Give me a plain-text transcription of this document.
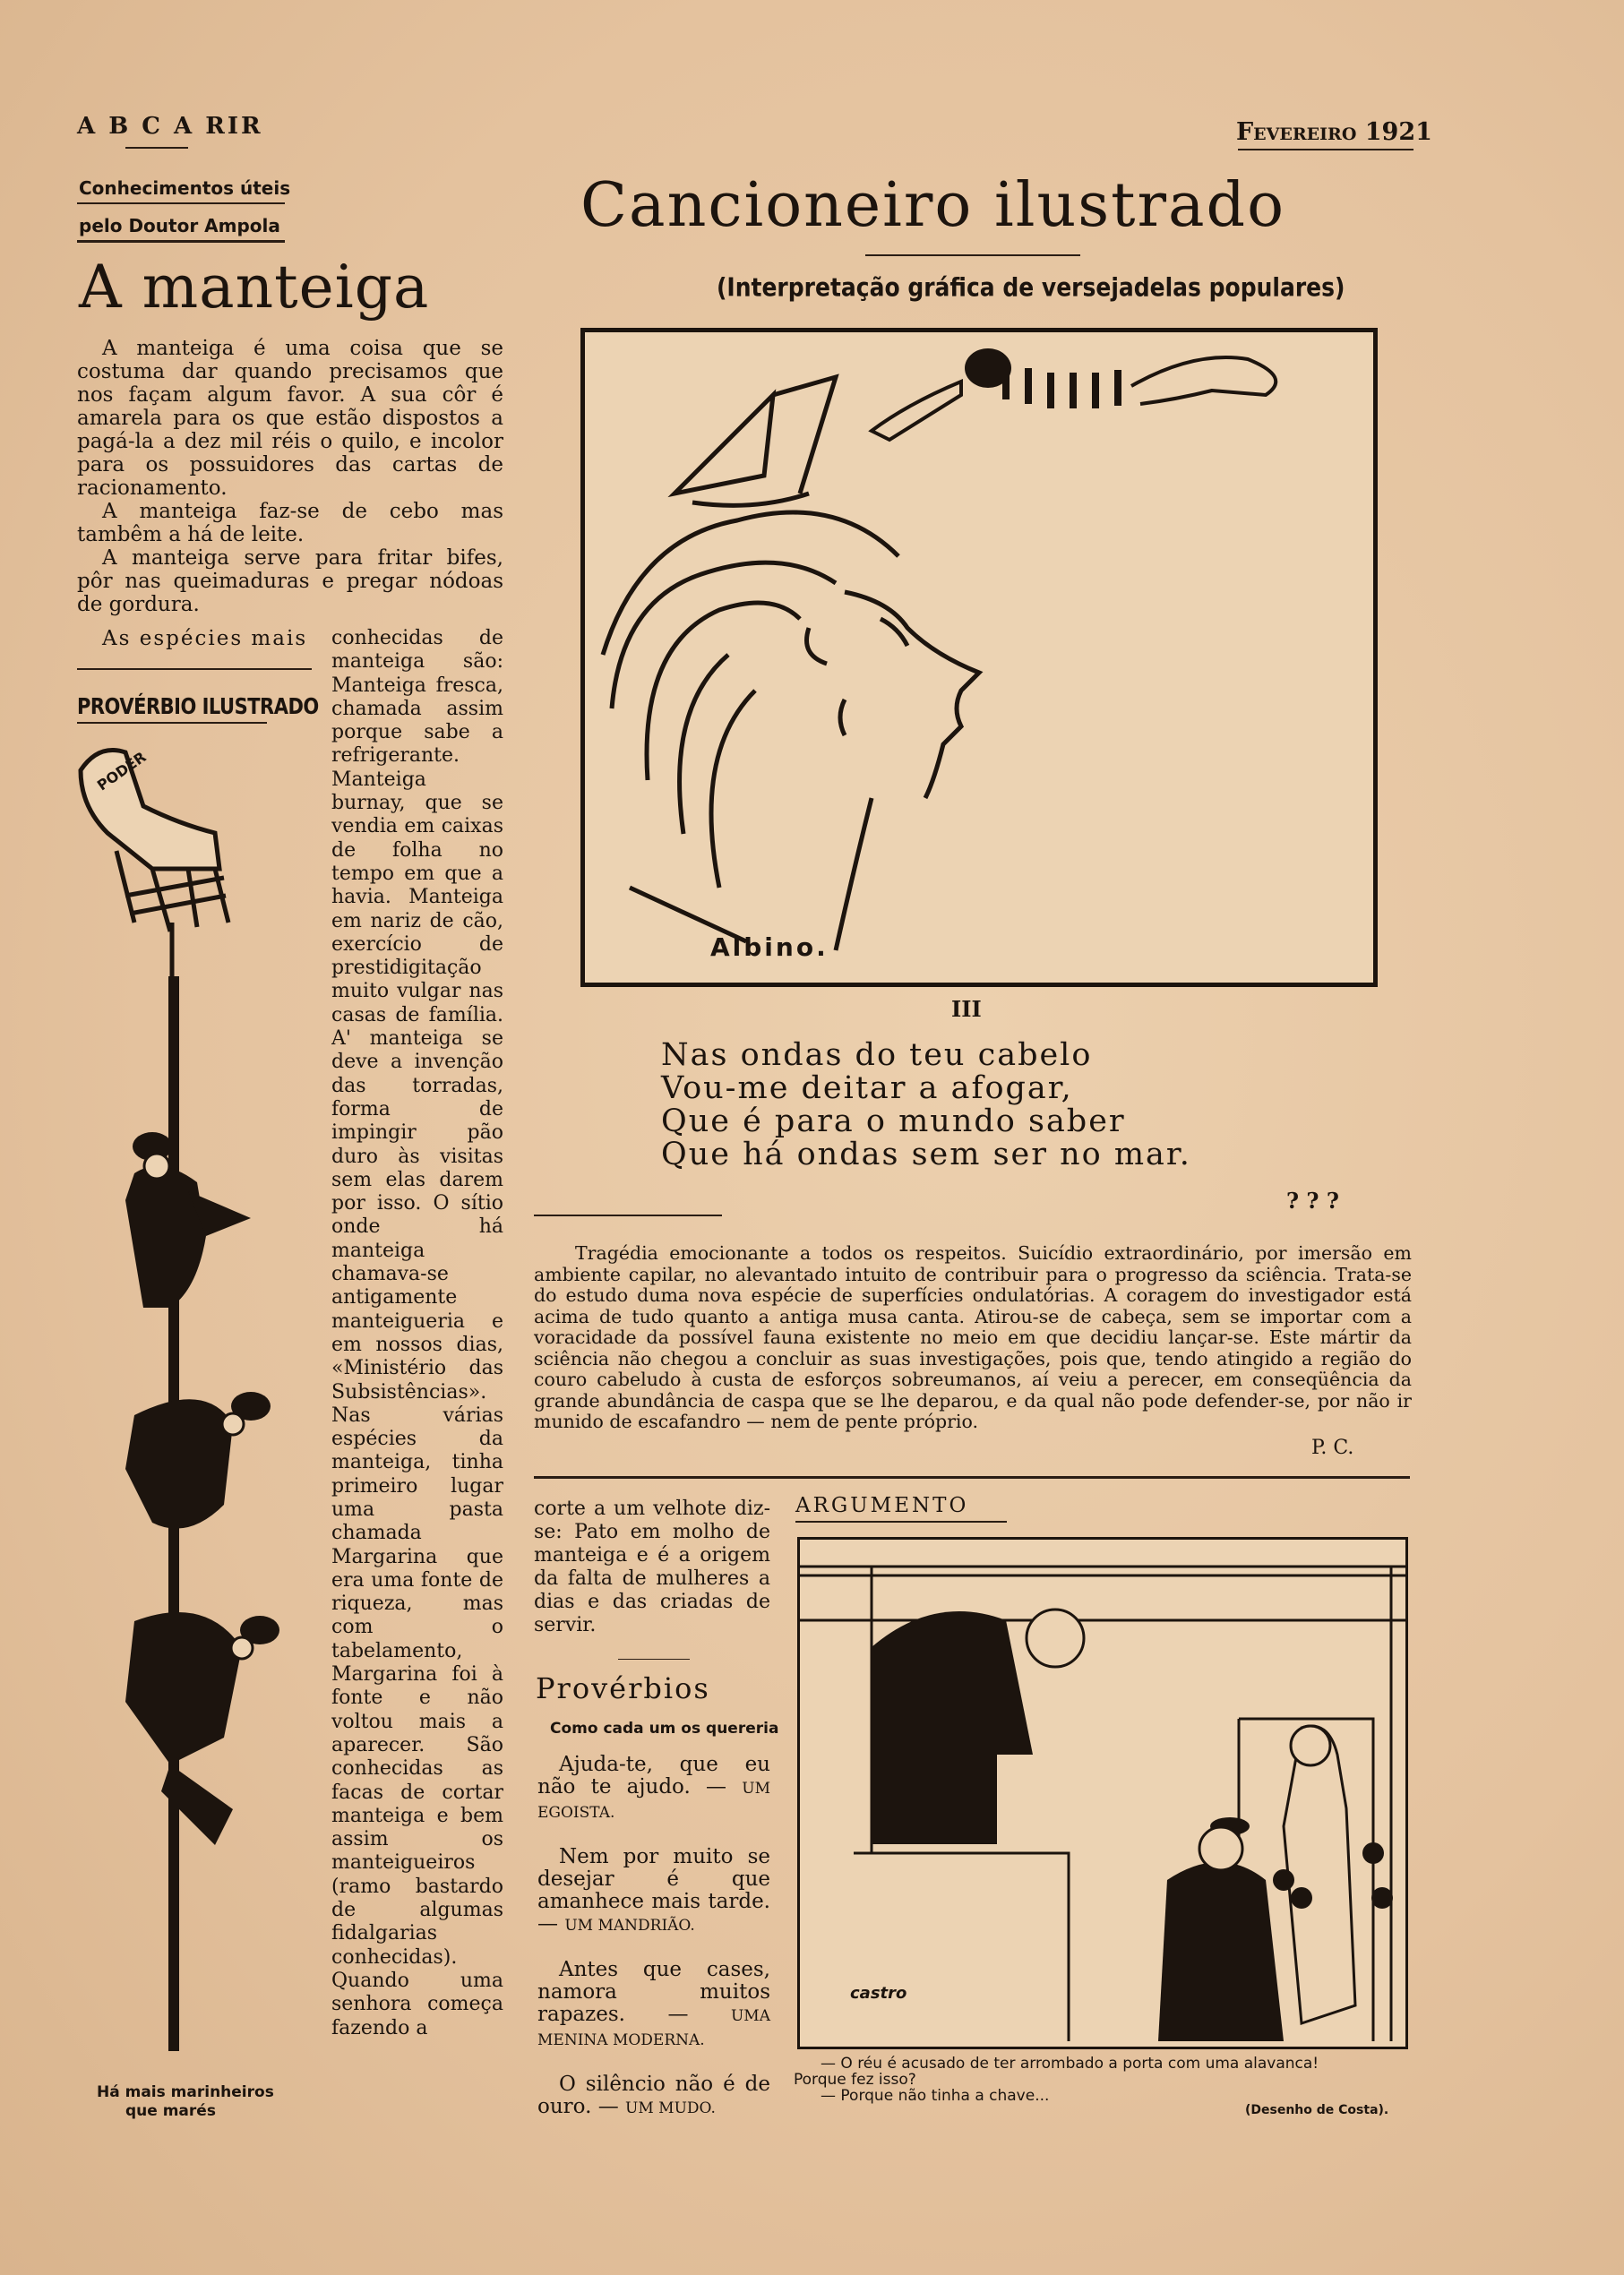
A B C A RIR	Fevereiro 1921
Conhecimentos úteis
pelo Doutor Ampola
A manteiga

A manteiga é uma coisa que se costuma dar quando precisamos que nos façam algum favor. A sua côr é amarela para os que estão dispostos a pagá-la a dez mil réis o quilo, e incolor para os possuidores das cartas de racionamento.

A manteiga faz-se de cebo mas tambêm a há de leite.

A manteiga serve para fritar bifes, pôr nas queimaduras e pregar nódoas de gordura.

As espécies mais
PROVÉRBIO ILUSTRADO
PODER
Há mais marinheiros
que marés
conhecidas de manteiga são: Manteiga fresca, chamada assim porque sabe a refrigerante. Manteiga burnay, que se vendia em caixas de folha no tempo em que a havia. Manteiga em nariz de cão, exercício de prestidigitação muito vulgar nas casas de família. A' manteiga se deve a invenção das torradas, forma de impingir pão duro às visitas sem elas darem por isso. O sítio onde há manteiga chamava-se antigamente manteigueria e em nossos dias, «Ministério das Subsistências». Nas várias espécies da manteiga, tinha primeiro lugar uma pasta chamada Margarina que era uma fonte de riqueza, mas com o tabelamento, Margarina foi à fonte e não voltou mais a aparecer. São conhecidas as facas de cortar manteiga e bem assim os manteigueiros (ramo bastardo de algumas fidalgarias conhecidas). Quando uma senhora começa fazendo a
Cancioneiro ilustrado
(Interpretação gráfica de versejadelas populares)
Albino.
III
Nas ondas do teu cabelo
Vou-me deitar a afogar,
Que é para o mundo saber
Que há ondas sem ser no mar.
? ? ?
Tragédia emocionante a todos os respeitos. Suicídio extraordinário, por imersão em ambiente capilar, no alevantado intuito de contribuir para o progresso da sciência. Trata-se do estudo duma nova espécie de superfícies ondulatórias. A coragem do investigador está acima de tudo quanto a antiga musa canta. Atirou-se de cabeça, sem se importar com a voracidade da possível fauna existente no meio em que decidiu lançar-se. Este mártir da sciência não chegou a concluir as suas investigações, pois que, tendo atingido a região do couro cabeludo à custa de esforços sobreumanos, aí veiu a perecer, em conseqüência da grande abundância de caspa que se lhe deparou, e da qual não pode defender-se, por não ir munido de escafandro — nem de pente próprio.
P. C.
corte a um velhote diz-se: Pato em molho de manteiga e é a origem da falta de mulheres a dias e das criadas de servir.
Provérbios
Como cada um os quereria
Ajuda-te, que eu não te ajudo. — UM EGOISTA.
Nem por muito se desejar é que amanhece mais tarde. — UM MANDRIÃO.
Antes que cases, namora muitos rapazes. —	UMA MENINA MODERNA.
O silêncio não é de ouro. — UM MUDO.
ARGUMENTO
castro
— O réu é acusado de ter arrombado a porta com uma alavanca!
Porque fez isso?
— Porque não tinha a chave...
(Desenho de Costa).
